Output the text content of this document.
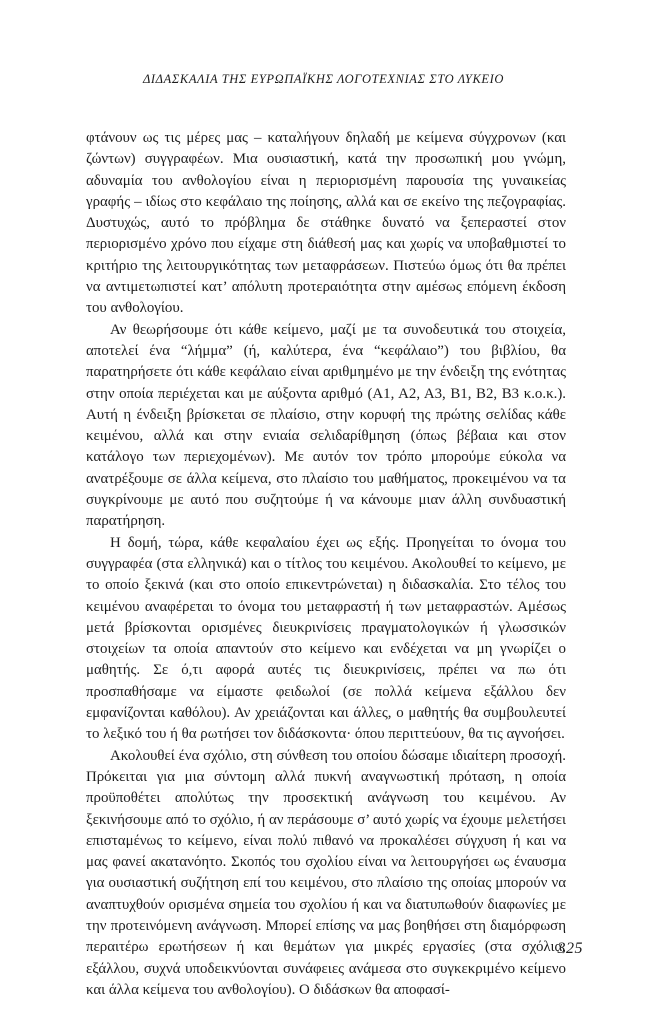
ΔΙΔΑΣΚΑΛΙΑ ΤΗΣ ΕΥΡΩΠΑΪΚΗΣ ΛΟΓΟΤΕΧΝΙΑΣ ΣΤΟ ΛΥΚΕΙΟ

φτάνουν ως τις μέρες μας – καταλήγουν δηλαδή με κείμενα σύγχρονων (και ζώντων) συγγραφέων. Μια ουσιαστική, κατά την προσωπική μου γνώμη, αδυναμία του ανθολογίου είναι η περιορισμένη παρουσία της γυναικείας γραφής – ιδίως στο κεφάλαιο της ποίησης, αλλά και σε εκείνο της πεζογραφίας. Δυστυχώς, αυτό το πρόβλημα δε στάθηκε δυνατό να ξεπεραστεί στον περιορισμένο χρόνο που είχαμε στη διάθεσή μας και χωρίς να υποβαθμιστεί το κριτήριο της λειτουργικότητας των μεταφράσεων. Πιστεύω όμως ότι θα πρέπει να αντιμετωπιστεί κατ’ απόλυτη προτεραιότητα στην αμέσως επόμενη έκδοση του ανθολογίου.

Αν θεωρήσουμε ότι κάθε κείμενο, μαζί με τα συνοδευτικά του στοιχεία, αποτελεί ένα “λήμμα” (ή, καλύτερα, ένα “κεφάλαιο”) του βιβλίου, θα παρατηρήσετε ότι κάθε κεφάλαιο είναι αριθμημένο με την ένδειξη της ενότητας στην οποία περιέχεται και με αύξοντα αριθμό (Α1, Α2, Α3, Β1, Β2, Β3 κ.ο.κ.). Αυτή η ένδειξη βρίσκεται σε πλαίσιο, στην κορυφή της πρώτης σελίδας κάθε κειμένου, αλλά και στην ενιαία σελιδαρίθμηση (όπως βέβαια και στον κατάλογο των περιεχομένων). Με αυτόν τον τρόπο μπορούμε εύκολα να ανατρέξουμε σε άλλα κείμενα, στο πλαίσιο του μαθήματος, προκειμένου να τα συγκρίνουμε με αυτό που συζητούμε ή να κάνουμε μιαν άλλη συνδυαστική παρατήρηση.

Η δομή, τώρα, κάθε κεφαλαίου έχει ως εξής. Προηγείται το όνομα του συγγραφέα (στα ελληνικά) και ο τίτλος του κειμένου. Ακολουθεί το κείμενο, με το οποίο ξεκινά (και στο οποίο επικεντρώνεται) η διδασκαλία. Στο τέλος του κειμένου αναφέρεται το όνομα του μεταφραστή ή των μεταφραστών. Αμέσως μετά βρίσκονται ορισμένες διευκρινίσεις πραγματολογικών ή γλωσσικών στοιχείων τα οποία απαντούν στο κείμενο και ενδέχεται να μη γνωρίζει ο μαθητής. Σε ό,τι αφορά αυτές τις διευκρινίσεις, πρέπει να πω ότι προσπαθήσαμε να είμαστε φειδωλοί (σε πολλά κείμενα εξάλλου δεν εμφανίζονται καθόλου). Αν χρειάζονται και άλλες, ο μαθητής θα συμβουλευτεί το λεξικό του ή θα ρωτήσει τον διδάσκοντα· όπου περιττεύουν, θα τις αγνοήσει.

Ακολουθεί ένα σχόλιο, στη σύνθεση του οποίου δώσαμε ιδιαίτερη προσοχή. Πρόκειται για μια σύντομη αλλά πυκνή αναγνωστική πρόταση, η οποία προϋποθέτει απολύτως την προσεκτική ανάγνωση του κειμένου. Αν ξεκινήσουμε από το σχόλιο, ή αν περάσουμε σ’ αυτό χωρίς να έχουμε μελετήσει επισταμένως το κείμενο, είναι πολύ πιθανό να προκαλέσει σύγχυση ή και να μας φανεί ακατανόητο. Σκοπός του σχολίου είναι να λειτουργήσει ως έναυσμα για ουσιαστική συζήτηση επί του κειμένου, στο πλαίσιο της οποίας μπορούν να αναπτυχθούν ορισμένα σημεία του σχολίου ή και να διατυπωθούν διαφωνίες με την προτεινόμενη ανάγνωση. Μπορεί επίσης να μας βοηθήσει στη διαμόρφωση περαιτέρω ερωτήσεων ή και θεμάτων για μικρές εργασίες (στα σχόλια, εξάλλου, συχνά υποδεικνύονται συνάφειες ανάμεσα στο συγκεκριμένο κείμενο και άλλα κείμενα του ανθολογίου). Ο διδάσκων θα αποφασί-

325
